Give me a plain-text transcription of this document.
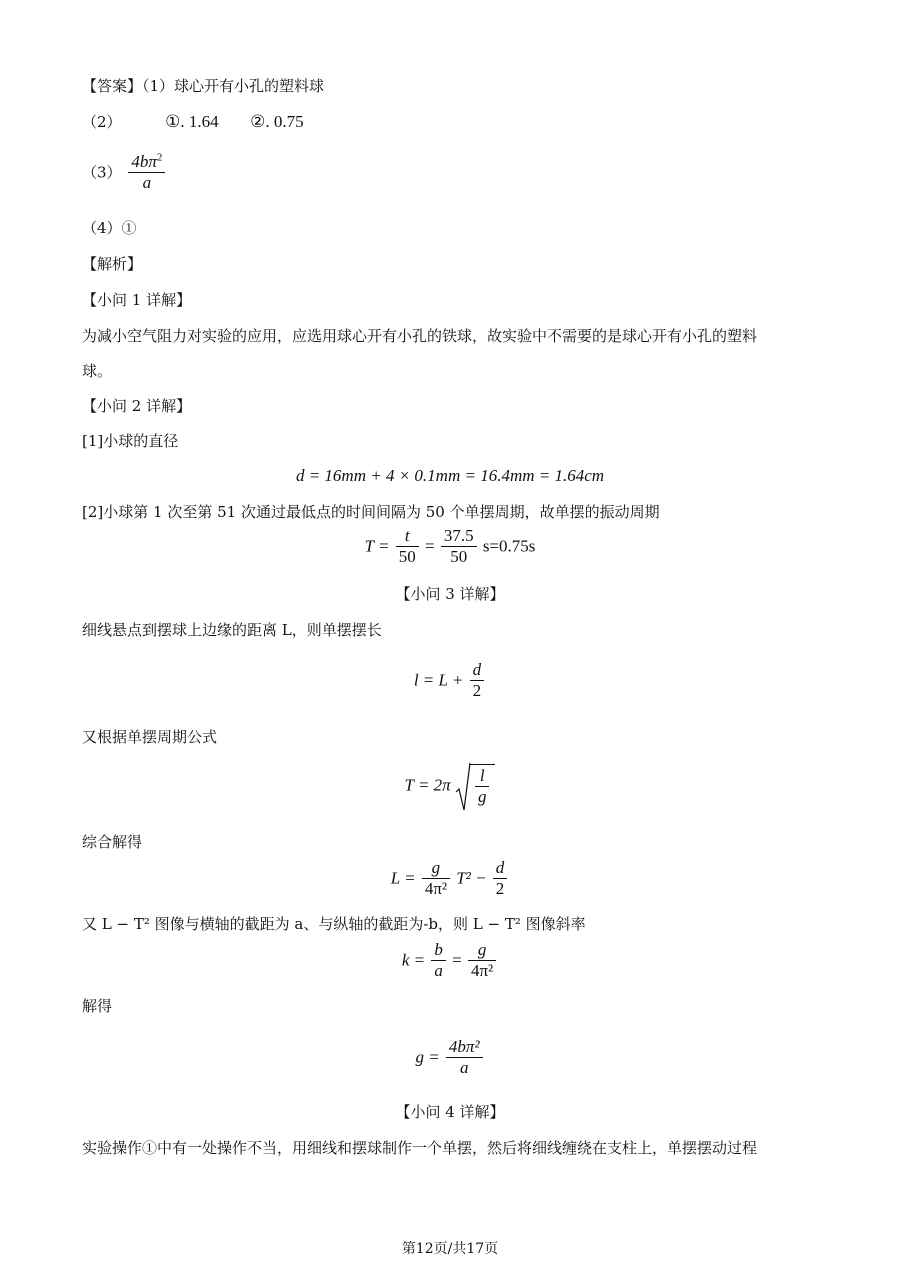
【答案】（1）球心开有小孔的塑料球
（2）	①. 1.64 ②. 0.75
$(3) \frac{4b\pi^2}{a}$
（4）①
【解析】
【小问 1 详解】
为减小空气阻力对实验的应用，应选用球心开有小孔的铁球，故实验中不需要的是球心开有小孔的塑料
球。
【小问 2 详解】
[1]小球的直径
d = 16mm + 4 × 0.1mm = 16.4mm = 1.64cm
[2]小球第 1 次至第 51 次通过最低点的时间间隔为 50 个单摆周期，故单摆的振动周期
$T = \frac{t}{50} = \frac{37.5}{50} s=0.75s$
【小问 3 详解】
细线悬点到摆球上边缘的距离 L，则单摆摆长
$l = L + \frac{d}{2}$
又根据单摆周期公式
$T = 2\pi \frac{l}{g}$
综合解得
$L = \frac{g}{\text{4π²}} T^2 - \frac{d}{2}$
又 L − T² 图像与横轴的截距为 a、与纵轴的截距为-b，则 L − T² 图像斜率
$k = \frac{b}{a} = \frac{g}{\text{4π²}}$
解得
$g = \frac{\text{4bπ²}}{a}$
【小问 4 详解】
实验操作①中有一处操作不当，用细线和摆球制作一个单摆，然后将细线缠绕在支柱上，单摆摆动过程
第12页/共17页
